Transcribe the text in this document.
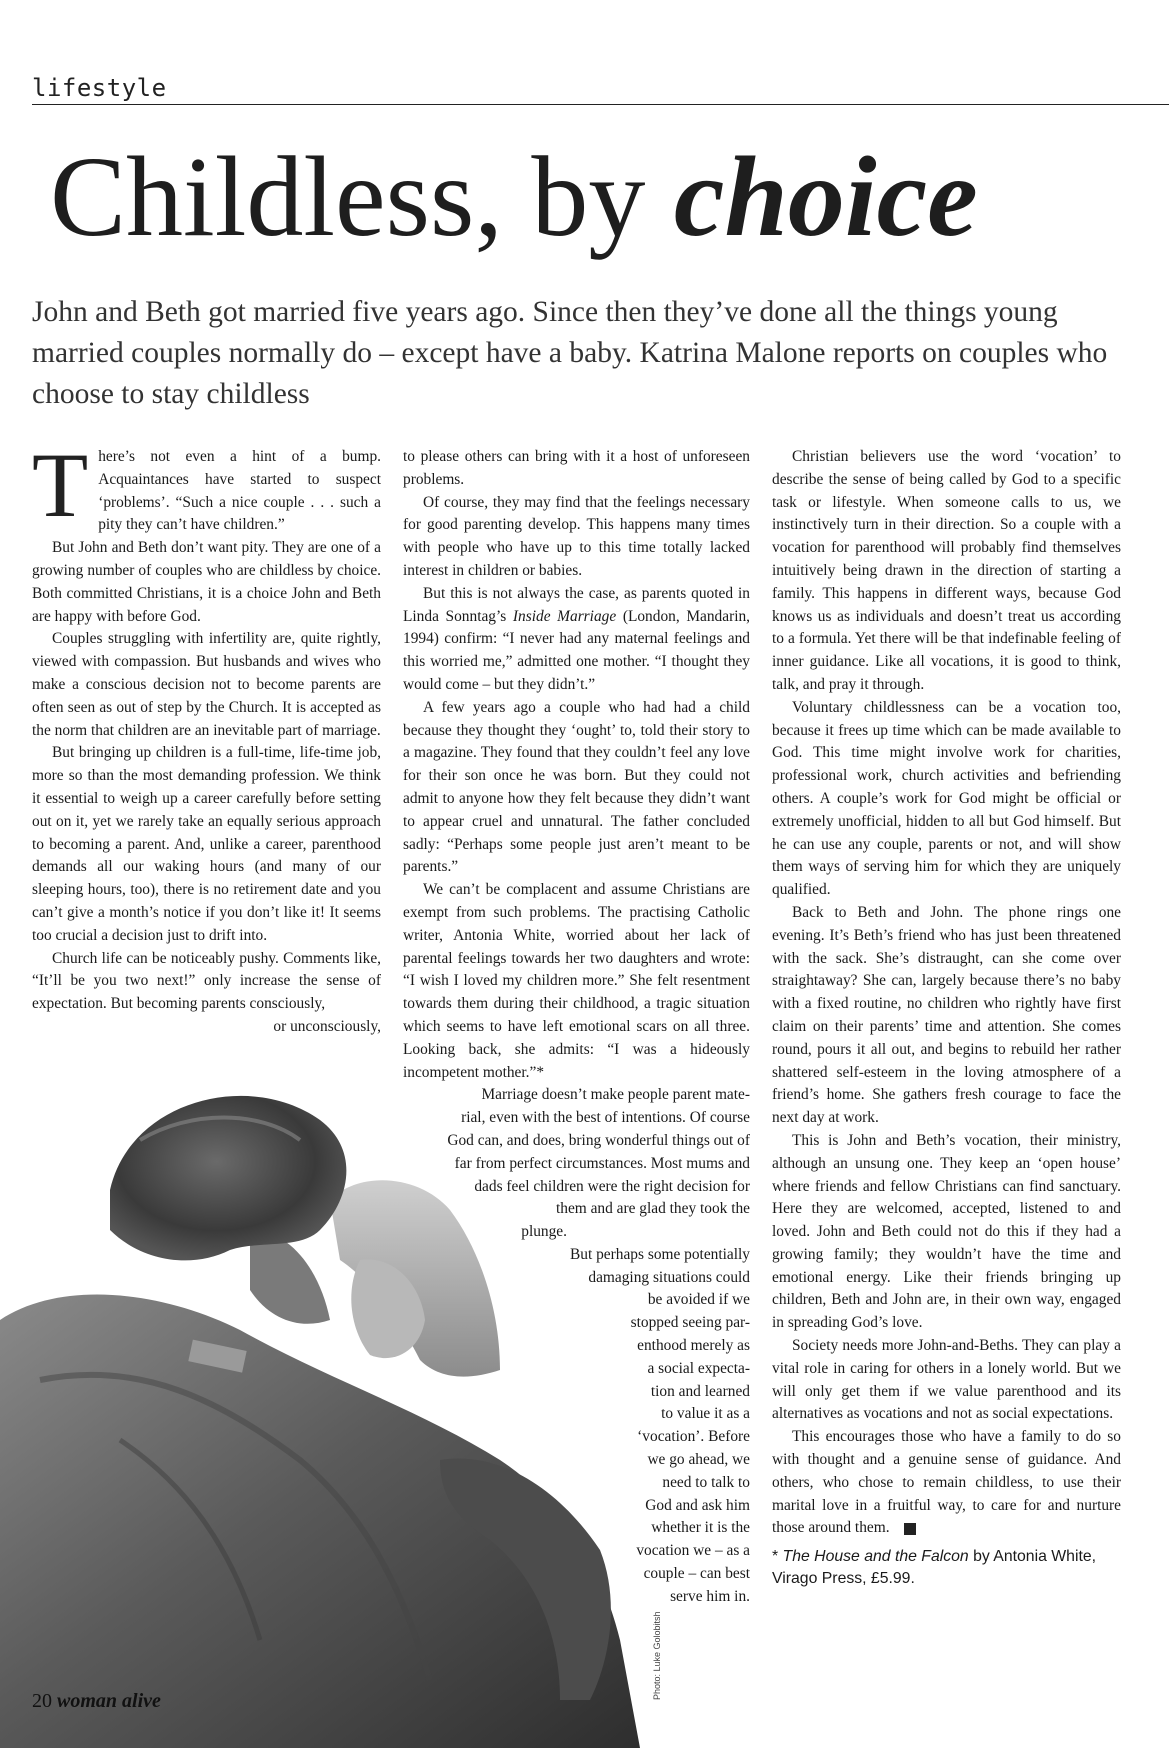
lifestyle
Childless, by choice

John and Beth got married five years ago. Since then they’ve done all the things young married couples normally do – except have a baby. Katrina Malone reports on couples who choose to stay childless

There’s not even a hint of a bump. Acquaintances have started to suspect ‘problems’. “Such a nice couple . . . such a pity they can’t have children.”

But John and Beth don’t want pity. They are one of a growing number of couples who are childless by choice. Both committed Christians, it is a choice John and Beth are happy with before God.

Couples struggling with infertility are, quite rightly, viewed with compassion. But husbands and wives who make a conscious decision not to become parents are often seen as out of step by the Church. It is accepted as the norm that children are an inevitable part of marriage.

But bringing up children is a full-time, life-time job, more so than the most demanding profession. We think it essential to weigh up a career carefully before setting out on it, yet we rarely take an equally serious approach to becoming a parent. And, unlike a career, parenthood demands all our waking hours (and many of our sleeping hours, too), there is no retirement date and you can’t give a month’s notice if you don’t like it! It seems too crucial a decision just to drift into.

Church life can be noticeably pushy. Comments like, “It’ll be you two next!” only increase the sense of expectation. But becoming parents consciously,

or unconsciously,

to please others can bring with it a host of unforeseen problems.

Of course, they may find that the feelings necessary for good parenting develop. This happens many times with people who have up to this time totally lacked interest in children or babies.

But this is not always the case, as parents quoted in Linda Sonntag’s Inside Marriage (London, Mandarin, 1994) confirm: “I never had any maternal feelings and this worried me,” admitted one mother. “I thought they would come – but they didn’t.”

A few years ago a couple who had had a child because they thought they ‘ought’ to, told their story to a magazine. They found that they couldn’t feel any love for their son once he was born. But they could not admit to anyone how they felt because they didn’t want to appear cruel and unnatural. The father concluded sadly: “Perhaps some people just aren’t meant to be parents.”

We can’t be complacent and assume Christians are exempt from such problems. The practising Catholic writer, Antonia White, worried about her lack of parental feelings towards her two daughters and wrote: “I wish I loved my children more.” She felt resentment towards them during their childhood, a tragic situation which seems to have left emotional scars on all three. Looking back, she admits: “I was a hideously incompetent mother.”*

Marriage doesn’t make people parent mate-
rial, even with the best of intentions. Of course
God can, and does, bring wonderful things out of
far from perfect circumstances. Most mums and
dads feel children were the right decision for
them and are glad they took the
plunge.
But perhaps some potentially
damaging situations could
be avoided if we
stopped seeing par-
enthood merely as
a social expecta-
tion and learned
to value it as a
‘vocation’. Before
we go ahead, we
need to talk to
God and ask him
whether it is the
vocation we – as a
couple – can best
serve him in.

Christian believers use the word ‘vocation’ to describe the sense of being called by God to a specific task or lifestyle. When someone calls to us, we instinctively turn in their direction. So a couple with a vocation for parenthood will probably find themselves intuitively being drawn in the direction of starting a family. This happens in different ways, because God knows us as individuals and doesn’t treat us according to a formula. Yet there will be that indefinable feeling of inner guidance. Like all vocations, it is good to think, talk, and pray it through.

Voluntary childlessness can be a vocation too, because it frees up time which can be made available to God. This time might involve work for charities, professional work, church activities and befriending others. A couple’s work for God might be official or extremely unofficial, hidden to all but God himself. But he can use any couple, parents or not, and will show them ways of serving him for which they are uniquely qualified.

Back to Beth and John. The phone rings one evening. It’s Beth’s friend who has just been threatened with the sack. She’s distraught, can she come over straightaway? She can, largely because there’s no baby with a fixed routine, no children who rightly have first claim on their parents’ time and attention. She comes round, pours it all out, and begins to rebuild her rather shattered self-esteem in the loving atmosphere of a friend’s home. She gathers fresh courage to face the next day at work.

This is John and Beth’s vocation, their ministry, although an unsung one. They keep an ‘open house’ where friends and fellow Christians can find sanctuary. Here they are welcomed, accepted, listened to and loved. John and Beth could not do this if they had a growing family; they wouldn’t have the time and emotional energy. Like their friends bringing up children, Beth and John are, in their own way, engaged in spreading God’s love.

Society needs more John-and-Beths. They can play a vital role in caring for others in a lonely world. But we will only get them if we value parenthood and its alternatives as vocations and not as social expectations.

This encourages those who have a family to do so with thought and a genuine sense of guidance. And others, who chose to remain childless, to use their marital love in a fruitful way, to care for and nurture those around them.

* The House and the Falcon by Antonia White, Virago Press, £5.99.
Photo: Luke Golobitsh
20 woman alive
